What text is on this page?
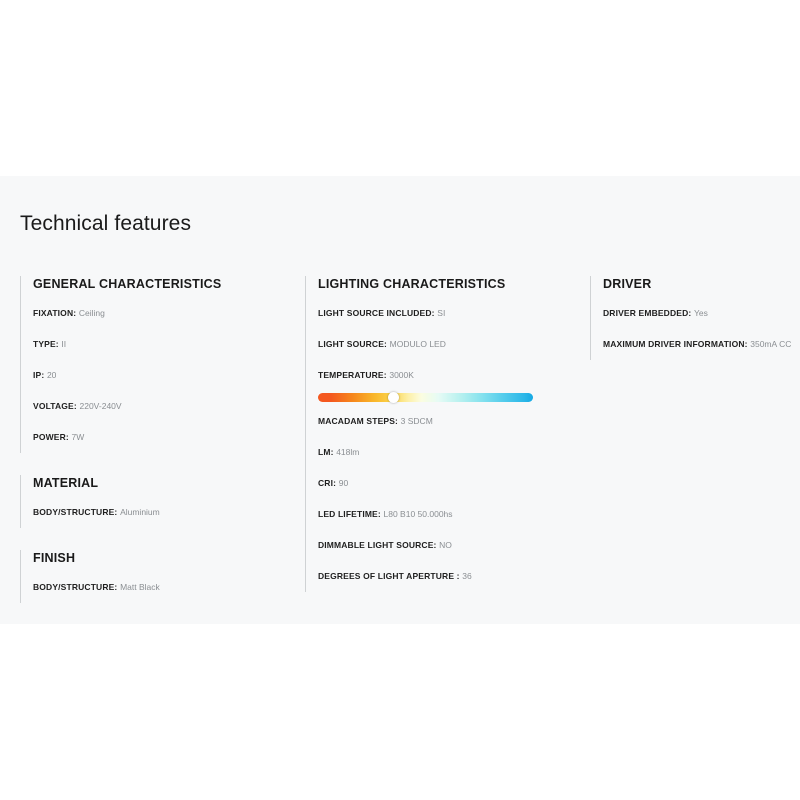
Technical features
GENERAL CHARACTERISTICS
FIXATION: Ceiling
TYPE: II
IP: 20
VOLTAGE: 220V-240V
POWER: 7W
MATERIAL
BODY/STRUCTURE: Aluminium
FINISH
BODY/STRUCTURE: Matt Black
LIGHTING CHARACTERISTICS
LIGHT SOURCE INCLUDED: SI
LIGHT SOURCE: MODULO LED
TEMPERATURE: 3000K
MACADAM STEPS: 3 SDCM
LM: 418lm
CRI: 90
LED LIFETIME: L80 B10 50.000hs
DIMMABLE LIGHT SOURCE: NO
DEGREES OF LIGHT APERTURE : 36
DRIVER
DRIVER EMBEDDED: Yes
MAXIMUM DRIVER INFORMATION: 350mA CC
